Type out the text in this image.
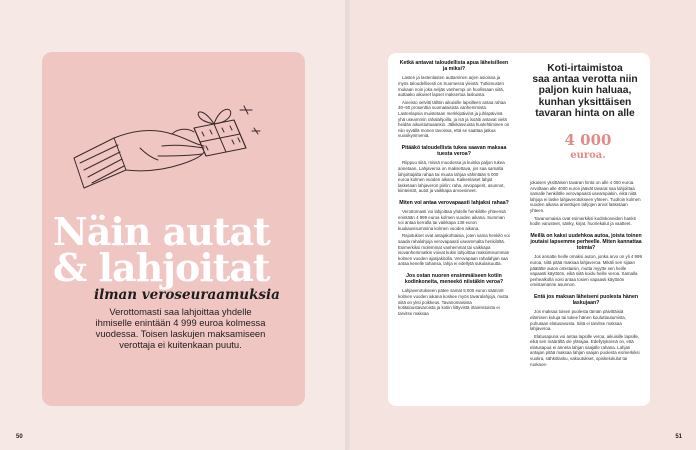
Näin autat
& lahjoitat
ilman veroseuraamuksia
Verottomasti saa lahjoittaa yhdelle
ihmiselle enintään 4 999 euroa kolmessa
vuodessa. Toisen laskujen maksamiseen
verottaja ei kuitenkaan puutu.
50
Ketkä antavat taloudellista apua läheisilleen ja miksi?
Lasten ja lastenlasten auttaminen arjen asioissa ja myös taloudellisesti on Suomessa yleistä. Tutkimusten mukaan noin joka neljäs vanhempi on huolissaan siitä, auttaako aikuiset lapset maksertua laskuista.
Aineisto selvitti tällöin aikuisille lapsilleen antaa rahaa 30–50 prosenttia suomalaisista vanhemmista. Lastenlapsia muistetaan merkkipäivinä ja juhlapäivinä yhä useammin rahalahjoilla, ja isä ja isoäiti antavat vielä heidän aikuistuttuaankin. Jälkikasvuista huolehtiminen on niin syvällä monen tavoissa, että se saattaa jatkua vuosikymmeniä.
Pitääkö taloudellista tukea saavan maksaa tuesta veroa?
Riippuu siitä, missä muodossa ja kuinka paljon tukea annetaan. Lahjaveroa on maksettava, jos saa samalta lahjoittajalta rahaa tai muuta lahjaa vähintään 5 000 euroa kolmen vuoden aikana. Kaikenlaiset lahjat lasketaan lahjaveron piiriin: raha, arvopaperit, asunnot, kiinteistöt, autot ja vaikkapa arvoesineet.
Miten voi antaa verovapaasti lahjaksi rahaa?
Verottomasti voi lahjoittaa yhdelle henkilölle yhteensä enintään 4 999 euroa kolmen vuoden aikana. Summan voi antaa kerralla tai vaikkapa 138 euron kuukausisummina kolmen vuoden aikana.
Rajoitukset ovat antajakohtaisia, joten sama henkilö voi saada rahalahjoja verovapaasti useammalta henkilöltä. Esimerkiksi molemmat vanhemmat tai vaikkapa isovanhemmatkin voivat kukin lahjoittaa maksimisumman kolmen vuoden ajanjaksolla. Verovapaan rahalahjan saa antaa kenelle tahansa, lahja ei edellytä sukulaisuutta.
Jos ostan nuoren ensimmäiseen kotiin kodinkoneita, meneekö niistäkin veroa?
Lahjaverotukseen pätee samat 5 000 euron säännöt kolmen vuoden aikana koskee myös tavaralahjoja, mutta siitä on yksi poikkeus. Tavanomaisista kotitaloustavaroista ja kotiin liittyvistä irtaimistoista ei tarvitse maksaa
Koti-irtaimistoa
saa antaa verotta niin
paljon kuin haluaa,
kunhan yksittäisen
tavaran hinta on alle
4 000
euroa.
jokaisen yksittäisen tavaran hinta on alle 4 000 euroa. Arvoltaan alle 4000 euron jäävät tavarat saa lahjoittaa samalle henkilölle verovapaasti useampiakin, eikä niitä lahjoja ei laske lahjaverotukseen yhteen. Tuolloin kolmen vuoden aikana annettujen lahjojen arvot lasketaan yhteen.
Tavanomaisia ovat esimerkiksi kodinkoneiden hankit kodin varusteet, sänky, kirjat, huonekalut ja vaatteet.
Meillä on kaksi uudehkoa autoa, joista toinen joutaisi lapsemme perheelle. Miten kannattaa toimia?
Jos annatte heille omaksi auton, jonka arvo on yli 4 999 euroa, siitä pitää maksaa lahjaveroa. Mikäli sen sijaan päätätte auton omistaisin, mutta myytte sen heille vapaasti käyttöön, eikä siitä koidu heille veroa. Samalla perhealkolla voisi antaa tosien vapaasti käyttöön omistamanne asunnon.
Entä jos maksan läheiseni puolesta hänen laskujaan?
Jos maksaa toisen puolesta tämän päivittäisiä elämisen kuluja tai tukee hänen kouluttautumista, puhutaan elatusavusta. Siitä ei tarvitse maksaa lahjaveroa.
Elatusapuna voi antaa lapsille veroa, aikuisille lapsille, eikä sen määrältä ole ylärajaa. Edellytyksenä on, että elatusapua ei anneta lahjan saajalle rahana. Lahjan antajan pitää maksaa lahjan saajan puolesta esimerkiksi vuokra, sähkölasku, vakuutukset, opiskelukulut tai ruokaos-
51
